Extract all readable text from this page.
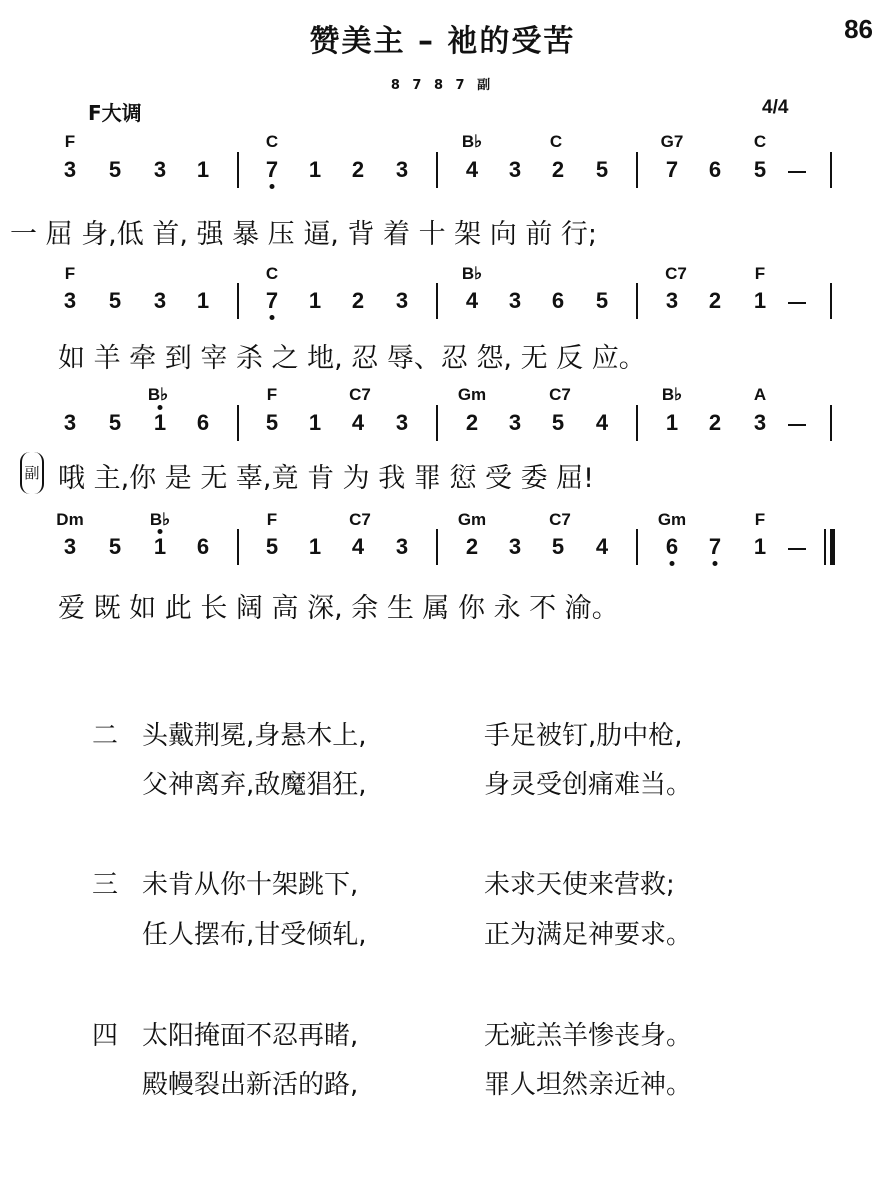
赞美主 – 祂的受苦	86
8 7 8 7 副
F大调	4/4
F	C	B♭	C	G7	C
3 5 3 1	7 1 2 3	4 3 2 5	7 6 5
一 屈 身,低 首, 强 暴 压 逼, 背 着 十 架 向 前 行;
F	C	B♭	C7	F
3 5 3 1	7 1 2 3	4 3 6 5	3 2 1
如 羊 牵 到 宰 杀 之 地, 忍 辱、忍 怨, 无 反 应。
B♭	F	C7	Gm	C7	B♭	A
3 5 1 6	5 1 4 3	2 3 5 4	1 2 3
副 哦 主,你 是 无 辜,竟 肯 为 我 罪 愆 受 委 屈!
Dm	B♭	F	C7	Gm	C7	Gm	F
3 5 1 6	5 1 4 3	2 3 5 4	6 7 1
爱 既 如 此 长 阔 高 深, 余 生 属 你 永 不 渝。
二 头戴荆冕,身悬木上,	手足被钉,肋中枪,
父神离弃,敌魔猖狂,	身灵受创痛难当。
三 未肯从你十架跳下,	未求天使来营救;
任人摆布,甘受倾轧,	正为满足神要求。
四 太阳掩面不忍再睹,	无疵羔羊惨丧身。
殿幔裂出新活的路,	罪人坦然亲近神。
